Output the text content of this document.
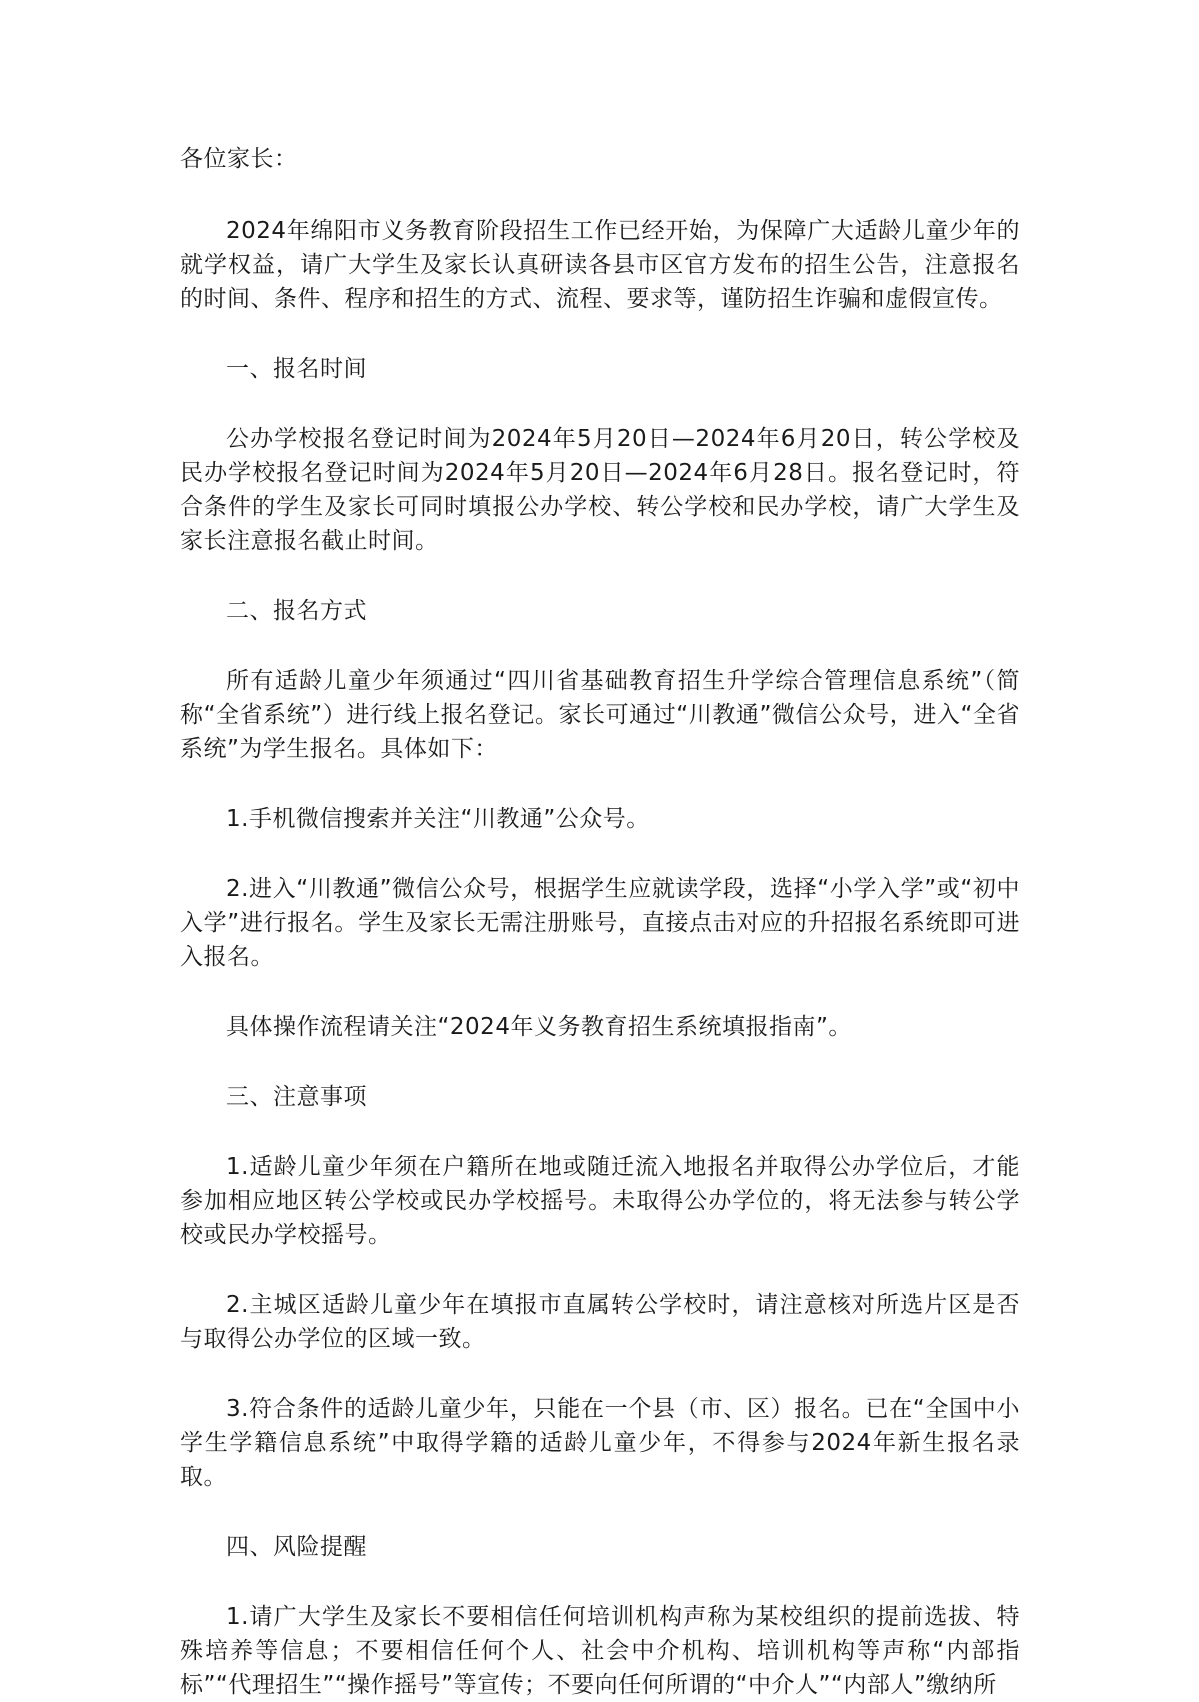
各位家长：

2024年绵阳市义务教育阶段招生工作已经开始，为保障广大适龄儿童少年的就学权益，请广大学生及家长认真研读各县市区官方发布的招生公告，注意报名的时间、条件、程序和招生的方式、流程、要求等，谨防招生诈骗和虚假宣传。

一、报名时间

公办学校报名登记时间为2024年5月20日—2024年6月20日，转公学校及民办学校报名登记时间为2024年5月20日—2024年6月28日。报名登记时，符合条件的学生及家长可同时填报公办学校、转公学校和民办学校，请广大学生及家长注意报名截止时间。

二、报名方式

所有适龄儿童少年须通过“四川省基础教育招生升学综合管理信息系统”（简称“全省系统”）进行线上报名登记。家长可通过“川教通”微信公众号，进入“全省系统”为学生报名。具体如下：

1.手机微信搜索并关注“川教通”公众号。

2.进入“川教通”微信公众号，根据学生应就读学段，选择“小学入学”或“初中入学”进行报名。学生及家长无需注册账号，直接点击对应的升招报名系统即可进入报名。

具体操作流程请关注“2024年义务教育招生系统填报指南”。

三、注意事项

1.适龄儿童少年须在户籍所在地或随迁流入地报名并取得公办学位后，才能参加相应地区转公学校或民办学校摇号。未取得公办学位的，将无法参与转公学校或民办学校摇号。

2.主城区适龄儿童少年在填报市直属转公学校时，请注意核对所选片区是否与取得公办学位的区域一致。

3.符合条件的适龄儿童少年，只能在一个县（市、区）报名。已在“全国中小学生学籍信息系统”中取得学籍的适龄儿童少年，不得参与2024年新生报名录取。

四、风险提醒

1.请广大学生及家长不要相信任何培训机构声称为某校组织的提前选拔、特殊培养等信息；不要相信任何个人、社会中介机构、培训机构等声称“内部指标”“代理招生”“操作摇号”等宣传；不要向任何所谓的“中介人”“内部人”缴纳所
